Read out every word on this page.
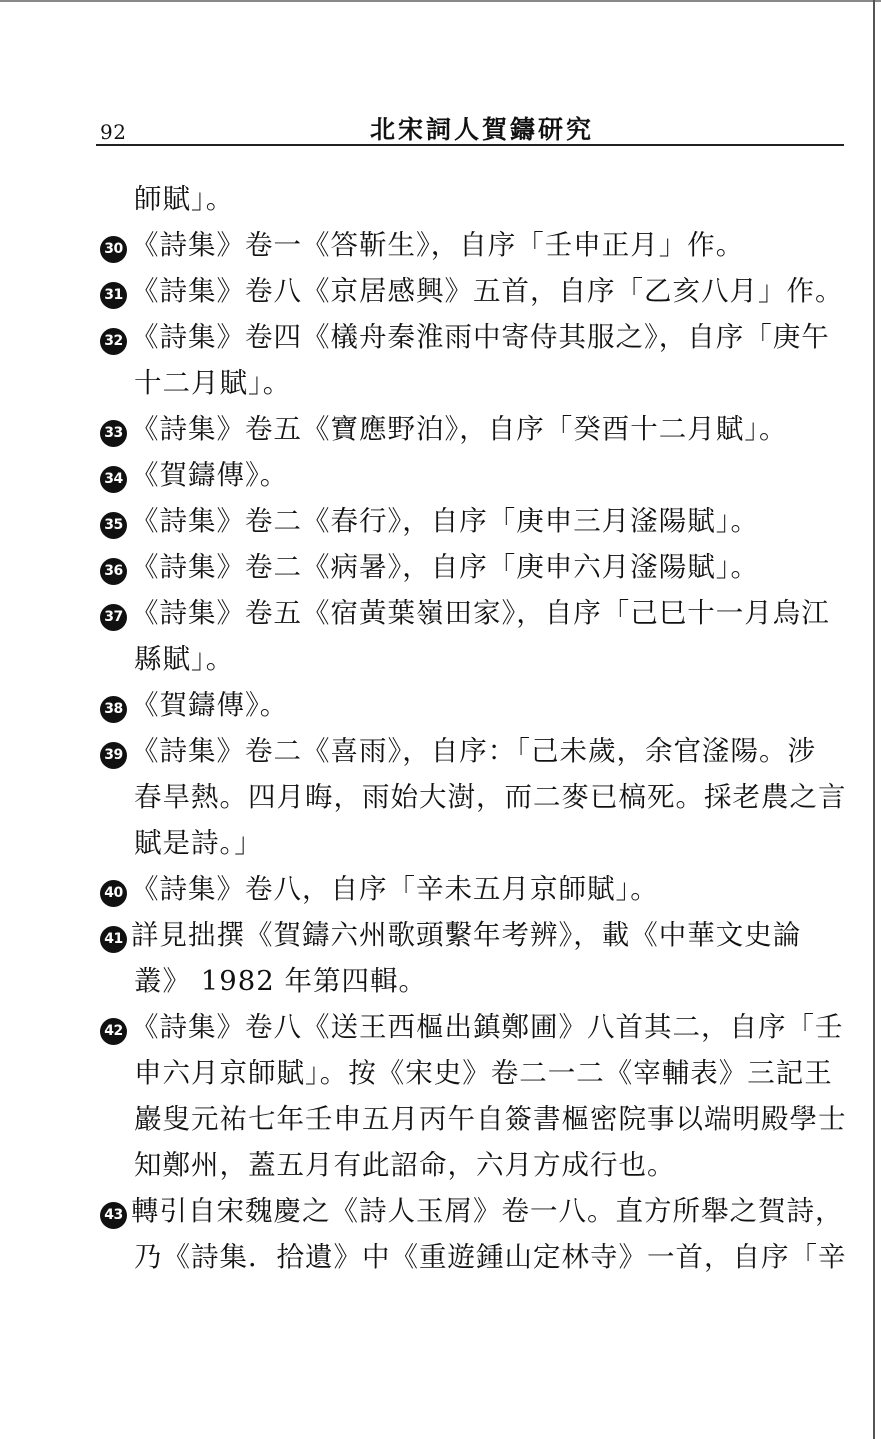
92	北宋詞人賀鑄研究
師賦」。
30 《詩集》卷一《答靳生》，自序「壬申正月」作。
31 《詩集》卷八《京居感興》五首，自序「乙亥八月」作。
32 《詩集》卷四《檥舟秦淮雨中寄侍其服之》，自序「庚午
十二月賦」。
33 《詩集》卷五《寶應野泊》，自序「癸酉十二月賦」。
34 《賀鑄傳》。
35 《詩集》卷二《春行》，自序「庚申三月滏陽賦」。
36 《詩集》卷二《病暑》，自序「庚申六月滏陽賦」。
37 《詩集》卷五《宿黃葉嶺田家》，自序「己巳十一月烏江
縣賦」。
38 《賀鑄傳》。
39 《詩集》卷二《喜雨》，自序：「己未歲，余官滏陽。涉
春旱熱。四月晦，雨始大澍，而二麥已槁死。採老農之言
賦是詩。」
40 《詩集》卷八，自序「辛未五月京師賦」。
41 詳見拙撰《賀鑄六州歌頭繫年考辨》，載《中華文史論
叢》 1982 年第四輯。
42 《詩集》卷八《送王西樞出鎮鄭圃》八首其二，自序「壬
申六月京師賦」。按《宋史》卷二一二《宰輔表》三記王
巖叟元祐七年壬申五月丙午自簽書樞密院事以端明殿學士
知鄭州，蓋五月有此詔命，六月方成行也。
43 轉引自宋魏慶之《詩人玉屑》卷一八。直方所舉之賀詩，
乃《詩集．拾遺》中《重遊鍾山定林寺》一首，自序「辛
